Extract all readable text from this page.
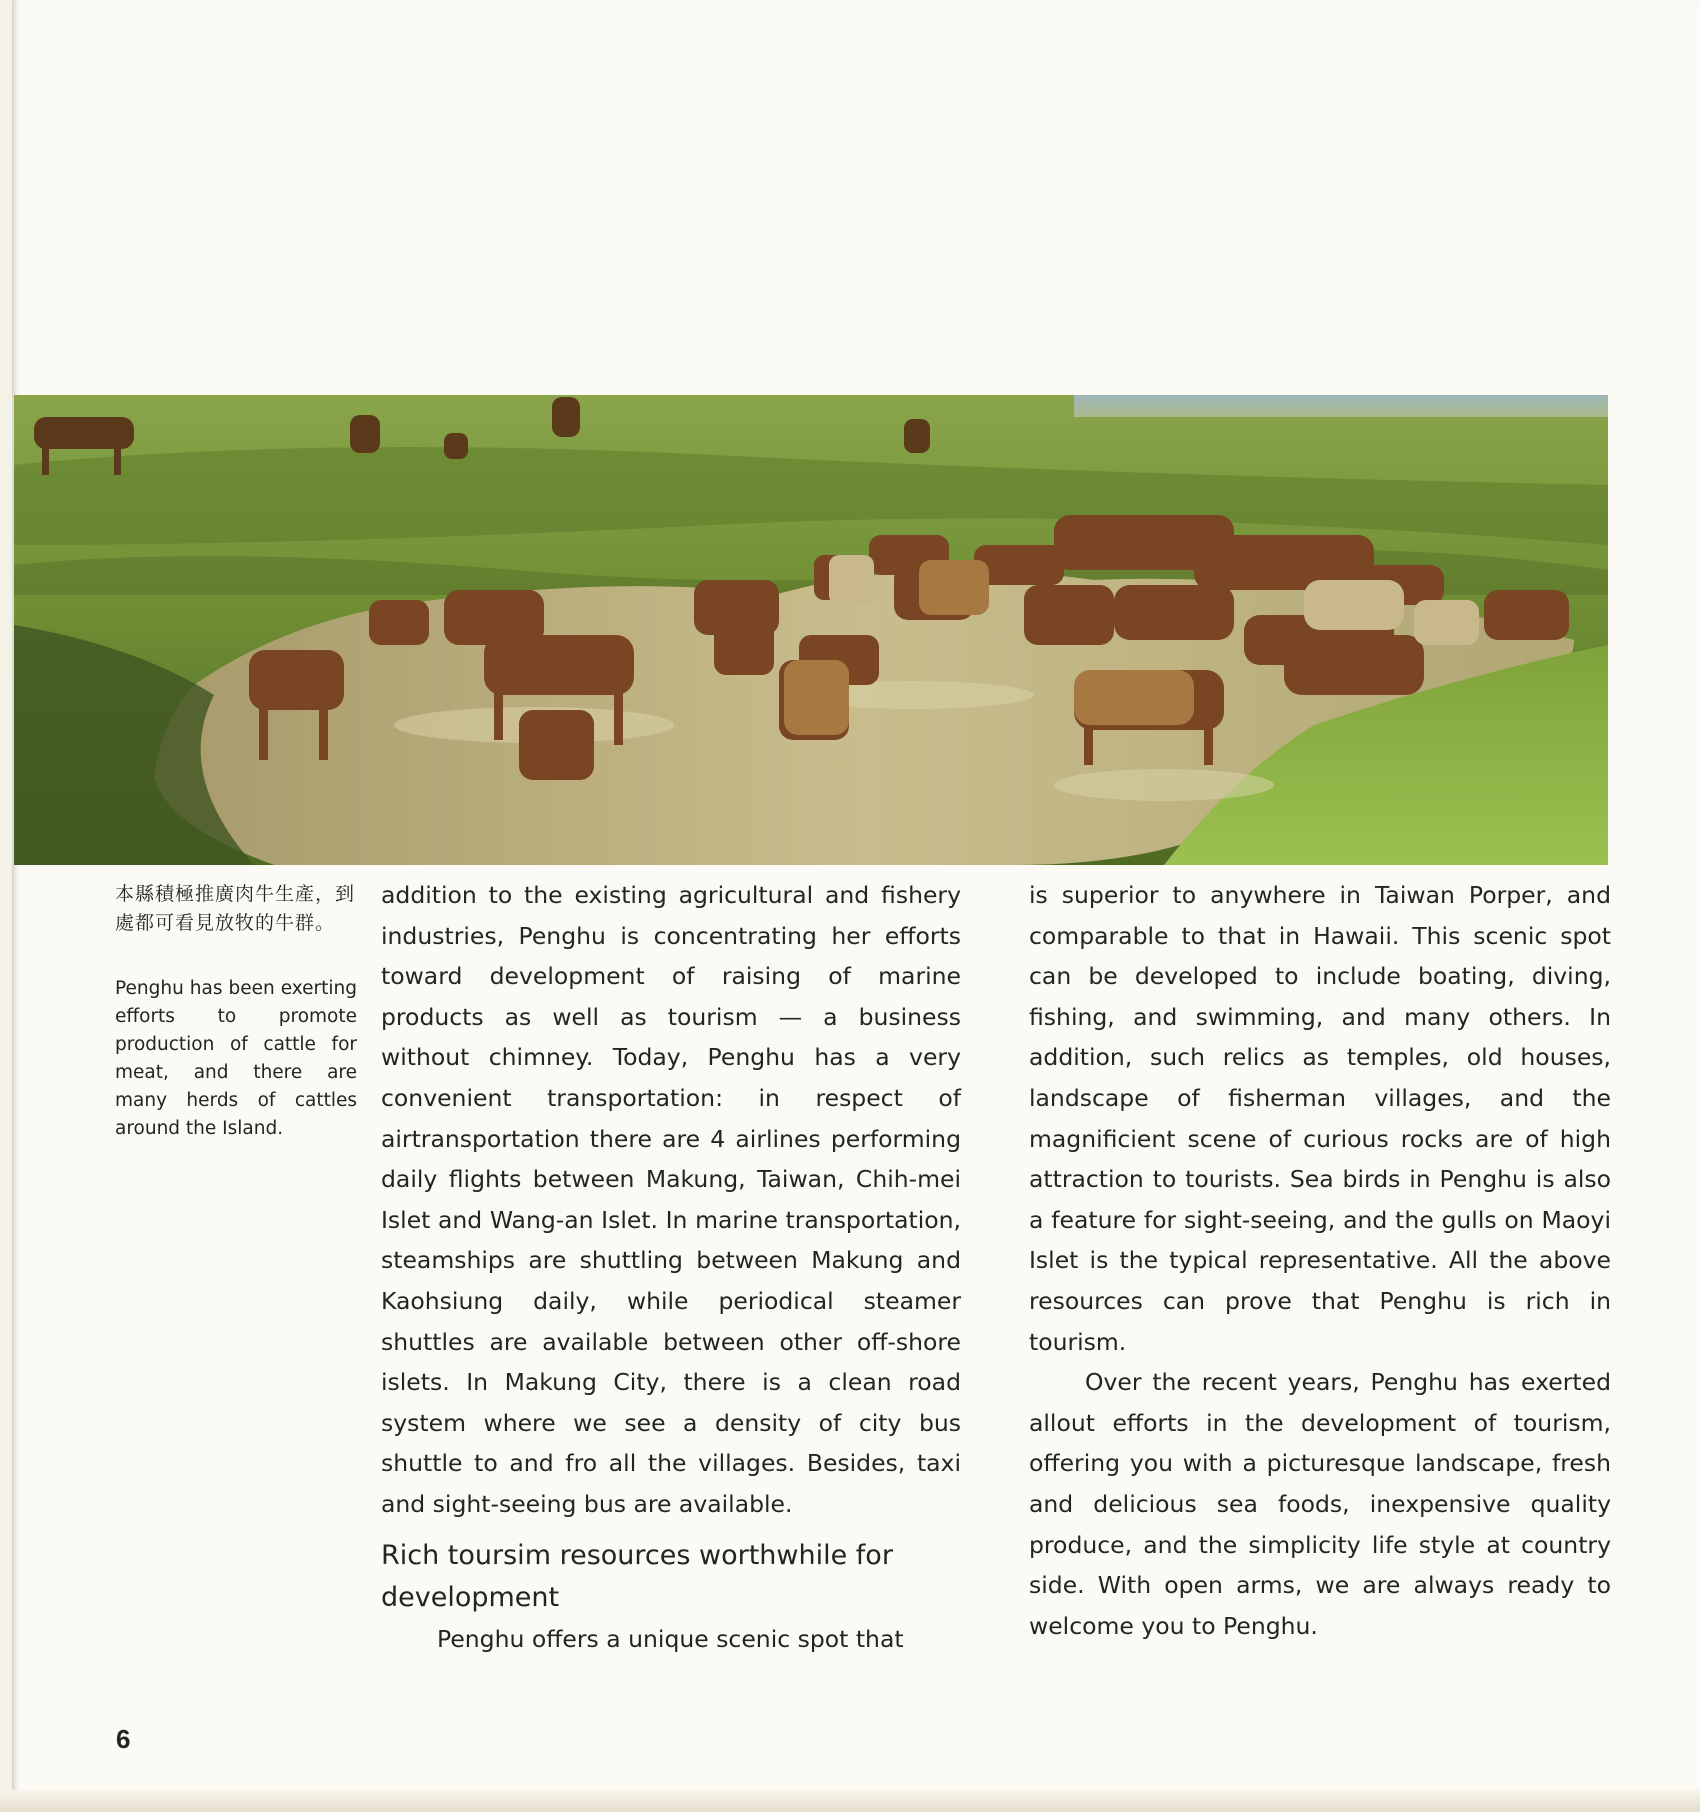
本縣積極推廣肉牛生產，到處都可看見放牧的牛群。
Penghu has been exerting efforts to promote production of cattle for meat, and there are many herds of cattles around the Island.

addition to the existing agricultural and fishery industries, Penghu is concentrating her efforts toward development of raising of marine products as well as tourism — a business without chimney. Today, Penghu has a very convenient transportation: in respect of airtransportation there are 4 airlines performing daily flights between Makung, Taiwan, Chih-mei Islet and Wang-an Islet. In marine transportation, steamships are shuttling between Makung and Kaohsiung daily, while periodical steamer shuttles are available between other off-shore islets. In Makung City, there is a clean road system where we see a density of city bus shuttle to and fro all the villages. Besides, taxi and sight-seeing bus are available.

Rich toursim resources worthwhile for development

Penghu offers a unique scenic spot that

is superior to anywhere in Taiwan Porper, and comparable to that in Hawaii. This scenic spot can be developed to include boating, diving, fishing, and swimming, and many others. In addition, such relics as temples, old houses, landscape of fisherman villages, and the magnificient scene of curious rocks are of high attraction to tourists. Sea birds in Penghu is also a feature for sight-seeing, and the gulls on Maoyi Islet is the typical representative. All the above resources can prove that Penghu is rich in tourism.

Over the recent years, Penghu has exerted allout efforts in the development of tourism, offering you with a picturesque landscape, fresh and delicious sea foods, inexpensive quality produce, and the simplicity life style at country side. With open arms, we are always ready to welcome you to Penghu.

6
